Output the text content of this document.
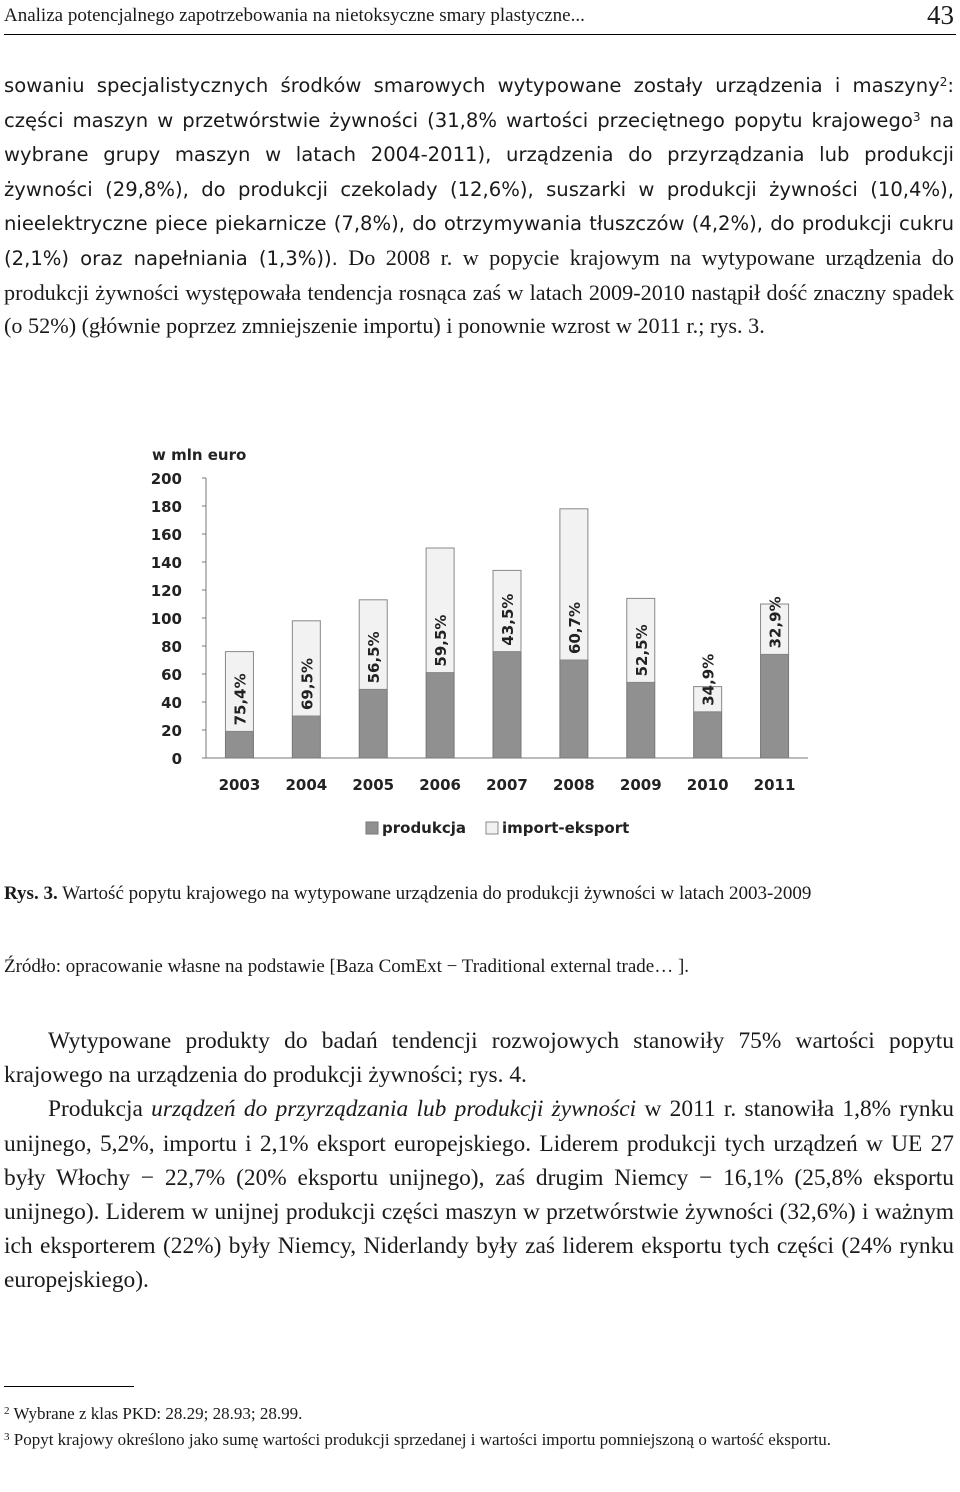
Analiza potencjalnego zapotrzebowania na nietoksyczne smary plastyczne...	43

sowaniu specjalistycznych środków smarowych wytypowane zostały urządzenia i maszyny$^2$: części maszyn w przetwórstwie żywności (31,8% wartości przeciętnego popytu krajowego$^3$ na wybrane grupy maszyn w latach 2004-2011), urządzenia do przyrządzania lub produkcji żywności (29,8%), do produkcji czekolady (12,6%), suszarki w produkcji żywności (10,4%), nieelektryczne piece piekarnicze (7,8%), do otrzymywania tłuszczów (4,2%), do produkcji cukru (2,1%) oraz napełniania (1,3%)). Do 2008 r. w popycie krajowym na wytypowane urządzenia do produkcji żywności występowała tendencja rosnąca zaś w latach 2009-2010 nastąpił dość znaczny spadek (o 52%) (głównie poprzez zmniejszenie importu) i ponownie wzrost w 2011 r.; rys. 3.

w mln euro
0
20
40
60
80
100
120
140
160
180
200
75,4%	69,5%
56,5%	59,5%	43,5%	60,7%	52,5%
34,9%
32,9%
2003 2004 2005 2006 2007 2008 2009 2010 2011
produkcja import-eksport
Rys. 3. Wartość popytu krajowego na wytypowane urządzenia do produkcji żywności w latach 2003-2009
Źródło: opracowanie własne na podstawie [Baza ComExt − Traditional external trade… ].

Wytypowane produkty do badań tendencji rozwojowych stanowiły 75% wartości popytu krajowego na urządzenia do produkcji żywności; rys. 4.
Produkcja urządzeń do przyrządzania lub produkcji żywności w 2011 r. stanowiła 1,8% rynku unijnego, 5,2%, importu i 2,1% eksport europejskiego. Liderem produkcji tych urządzeń w UE 27 były Włochy − 22,7% (20% eksportu unijnego), zaś drugim Niemcy − 16,1% (25,8% eksportu unijnego). Liderem w unijnej produkcji części maszyn w przetwórstwie żywności (32,6%) i ważnym ich eksporterem (22%) były Niemcy, Niderlandy były zaś liderem eksportu tych części (24% rynku europejskiego).

$^2$ Wybrane z klas PKD: 28.29; 28.93; 28.99.
$^3$ Popyt krajowy określono jako sumę wartości produkcji sprzedanej i wartości importu pomniejszoną o wartość eksportu.
